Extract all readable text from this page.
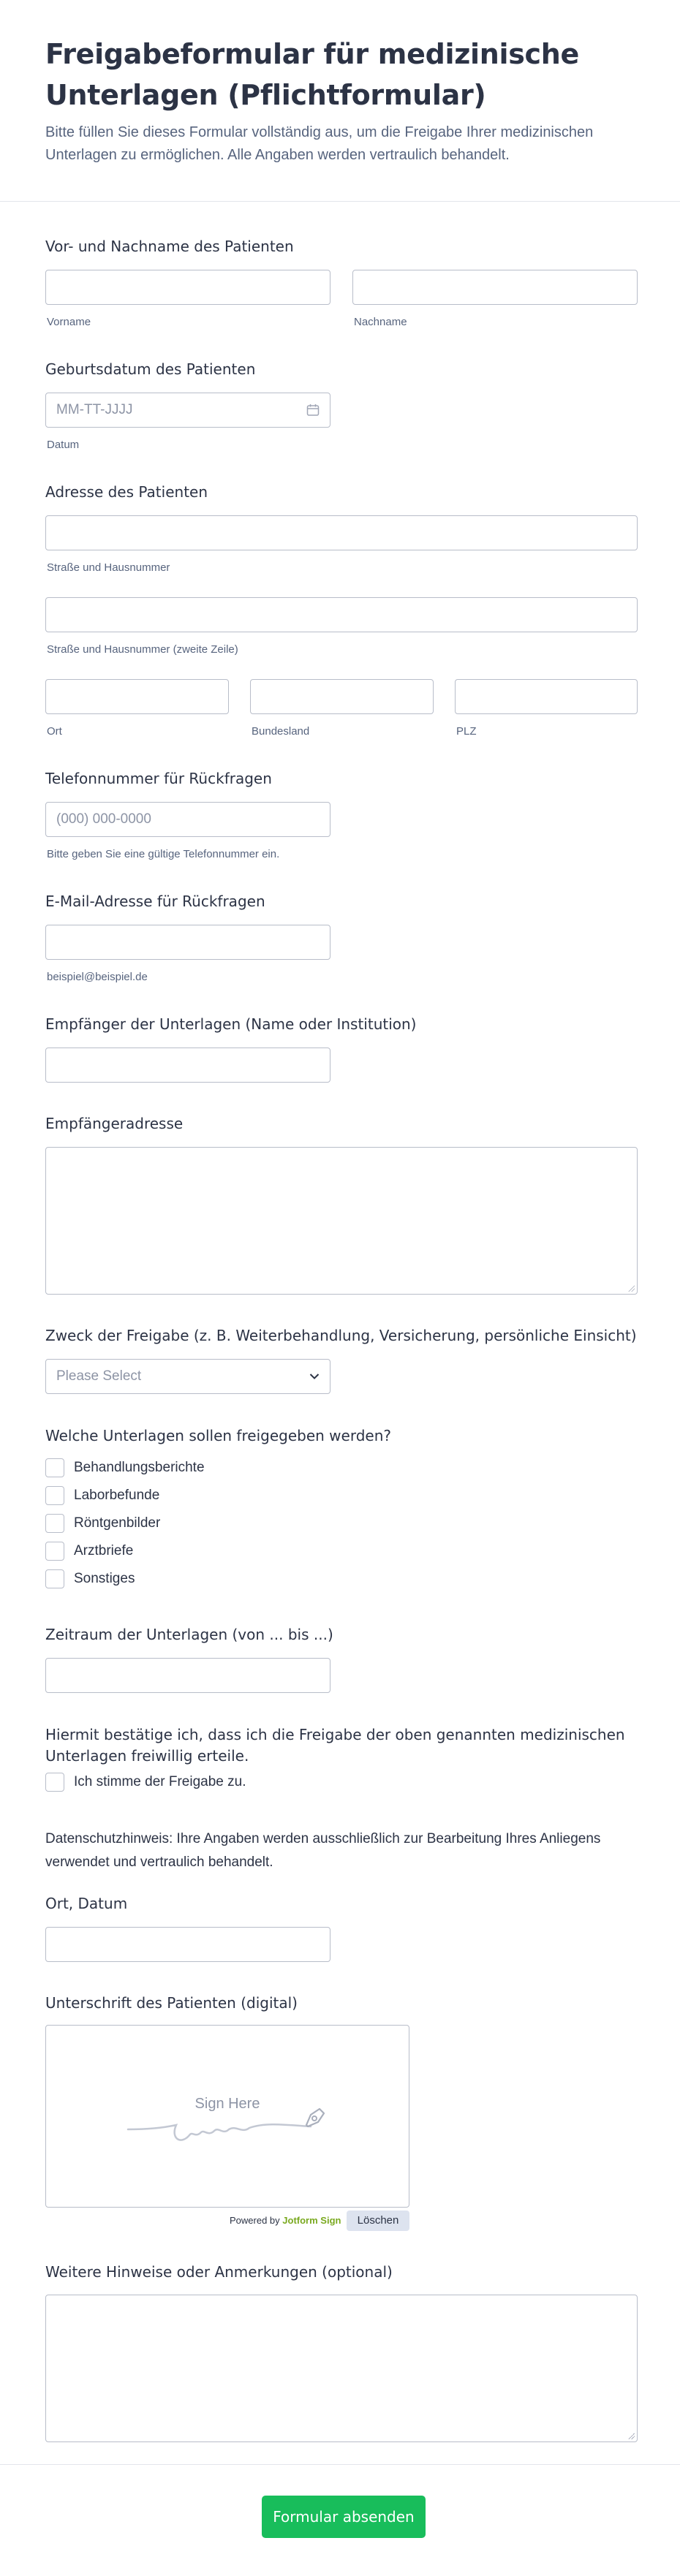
Freigabeformular für medizinische Unterlagen (Pflichtformular)

Bitte füllen Sie dieses Formular vollständig aus, um die Freigabe Ihrer medizinischen Unterlagen zu ermöglichen. Alle Angaben werden vertraulich behandelt.

Vor- und Nachname des Patienten
Vorname	Nachname
Geburtsdatum des Patienten
MM-TT-JJJJ
Datum
Adresse des Patienten
Straße und Hausnummer
Straße und Hausnummer (zweite Zeile)
Ort	Bundesland	PLZ
Telefonnummer für Rückfragen
(000) 000-0000
Bitte geben Sie eine gültige Telefonnummer ein.
E-Mail-Adresse für Rückfragen
beispiel@beispiel.de
Empfänger der Unterlagen (Name oder Institution)
Empfängeradresse
Zweck der Freigabe (z. B. Weiterbehandlung, Versicherung, persönliche Einsicht)
Please Select
Welche Unterlagen sollen freigegeben werden?
Behandlungsberichte
Laborbefunde
Röntgenbilder
Arztbriefe
Sonstiges
Zeitraum der Unterlagen (von ... bis ...)
Hiermit bestätige ich, dass ich die Freigabe der oben genannten medizinischen Unterlagen freiwillig erteile.
Ich stimme der Freigabe zu.
Datenschutzhinweis: Ihre Angaben werden ausschließlich zur Bearbeitung Ihres Anliegens verwendet und vertraulich behandelt.
Ort, Datum
Unterschrift des Patienten (digital)
Sign Here
Powered by Jotform Sign	Löschen
Weitere Hinweise oder Anmerkungen (optional)
Formular absenden
